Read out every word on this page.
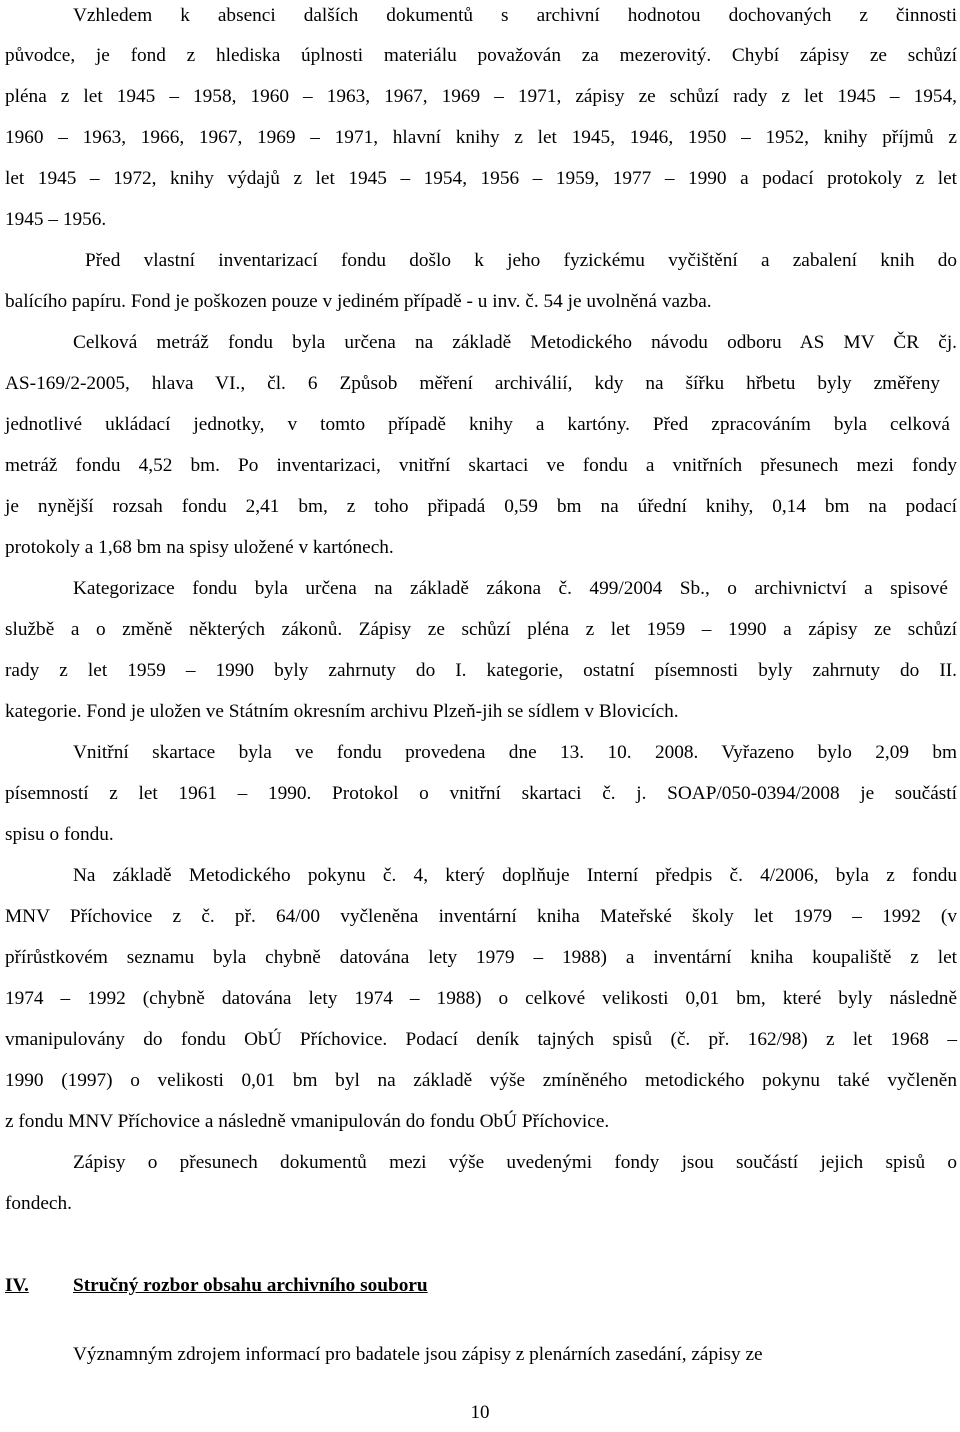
Vzhledem k absenci dalších dokumentů s archivní hodnotou dochovaných z činnosti
původce, je fond z hlediska úplnosti materiálu považován za mezerovitý. Chybí zápisy ze schůzí
pléna z let 1945 – 1958, 1960 – 1963, 1967, 1969 – 1971, zápisy ze schůzí rady z let 1945 – 1954,
1960 – 1963, 1966, 1967, 1969 – 1971, hlavní knihy z let 1945, 1946, 1950 – 1952, knihy příjmů z
let 1945 – 1972, knihy výdajů z let 1945 – 1954, 1956 – 1959, 1977 – 1990 a podací protokoly z let
1945 – 1956.
Před vlastní inventarizací fondu došlo k jeho fyzickému vyčištění a zabalení knih do
balícího papíru. Fond je poškozen pouze v jediném případě - u inv. č. 54 je uvolněná vazba.
Celková metráž fondu byla určena na základě Metodického návodu odboru AS MV ČR čj.
AS-169/2-2005, hlava VI., čl. 6 Způsob měření archiválií, kdy na šířku hřbetu byly změřeny
jednotlivé ukládací jednotky, v tomto případě knihy a kartóny. Před zpracováním byla celková
metráž fondu 4,52 bm. Po inventarizaci, vnitřní skartaci ve fondu a vnitřních přesunech mezi fondy
je nynější rozsah fondu 2,41 bm, z toho připadá 0,59 bm na úřední knihy, 0,14 bm na podací
protokoly a 1,68 bm na spisy uložené v kartónech.
Kategorizace fondu byla určena na základě zákona č. 499/2004 Sb., o archivnictví a spisové
službě a o změně některých zákonů. Zápisy ze schůzí pléna z let 1959 – 1990 a zápisy ze schůzí
rady z let 1959 – 1990 byly zahrnuty do I. kategorie, ostatní písemnosti byly zahrnuty do II.
kategorie. Fond je uložen ve Státním okresním archivu Plzeň-jih se sídlem v Blovicích.
Vnitřní skartace byla ve fondu provedena dne 13. 10. 2008. Vyřazeno bylo 2,09 bm
písemností z let 1961 – 1990. Protokol o vnitřní skartaci č. j. SOAP/050-0394/2008 je součástí
spisu o fondu.
Na základě Metodického pokynu č. 4, který doplňuje Interní předpis č. 4/2006, byla z fondu
MNV Příchovice z č. př. 64/00 vyčleněna inventární kniha Mateřské školy let 1979 – 1992 (v
přírůstkovém seznamu byla chybně datována lety 1979 – 1988) a inventární kniha koupaliště z let
1974 – 1992 (chybně datována lety 1974 – 1988) o celkové velikosti 0,01 bm, které byly následně
vmanipulovány do fondu ObÚ Příchovice. Podací deník tajných spisů (č. př. 162/98) z let 1968 –
1990 (1997) o velikosti 0,01 bm byl na základě výše zmíněného metodického pokynu také vyčleněn
z fondu MNV Příchovice a následně vmanipulován do fondu ObÚ Příchovice.
Zápisy o přesunech dokumentů mezi výše uvedenými fondy jsou součástí jejich spisů o
fondech.
IV. Stručný rozbor obsahu archivního souboru
Významným zdrojem informací pro badatele jsou zápisy z plenárních zasedání, zápisy ze
10
